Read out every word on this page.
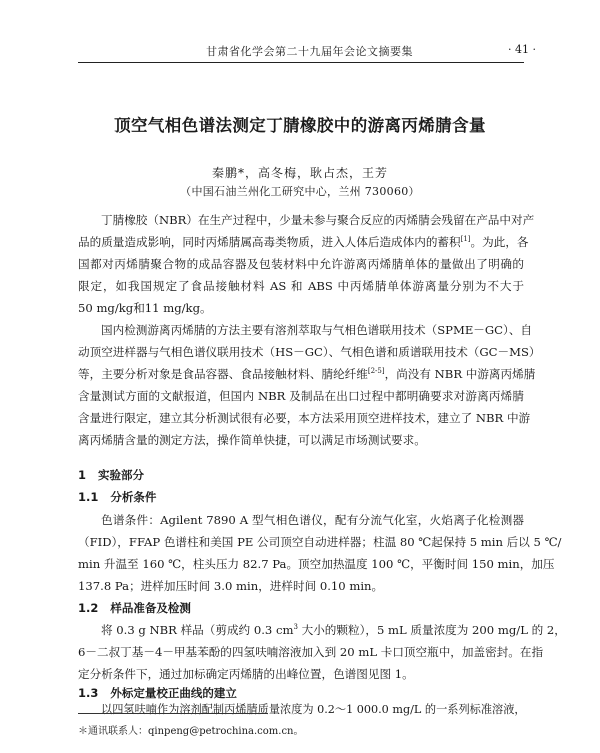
甘肃省化学会第二十九届年会论文摘要集	· 41 ·
顶空气相色谱法测定丁腈橡胶中的游离丙烯腈含量
秦鹏*，高冬梅，耿占杰，王芳
（中国石油兰州化工研究中心，兰州 730060）
丁腈橡胶（NBR）在生产过程中，少量未参与聚合反应的丙烯腈会残留在产品中对产
品的质量造成影响，同时丙烯腈属高毒类物质，进入人体后造成体内的蓄积[1]。为此，各
国都对丙烯腈聚合物的成品容器及包装材料中允许游离丙烯腈单体的量做出了明确的
限定，如我国规定了食品接触材料 AS 和 ABS 中丙烯腈单体游离量分别为不大于
50 mg/kg和11 mg/kg。
国内检测游离丙烯腈的方法主要有溶剂萃取与气相色谱联用技术（SPME－GC）、自
动顶空进样器与气相色谱仪联用技术（HS－GC）、气相色谱和质谱联用技术（GC－MS）
等，主要分析对象是食品容器、食品接触材料、腈纶纤维[2-5]，尚没有 NBR 中游离丙烯腈
含量测试方面的文献报道，但国内 NBR 及制品在出口过程中都明确要求对游离丙烯腈
含量进行限定，建立其分析测试很有必要，本方法采用顶空进样技术，建立了 NBR 中游
离丙烯腈含量的测定方法，操作简单快捷，可以满足市场测试要求。
1 实验部分
1.1 分析条件
色谱条件：Agilent 7890 A 型气相色谱仪，配有分流气化室，火焰离子化检测器
（FID），FFAP 色谱柱和美国 PE 公司顶空自动进样器；柱温 80 ℃起保持 5 min 后以 5 ℃/
min 升温至 160 ℃，柱头压力 82.7 Pa。顶空加热温度 100 ℃，平衡时间 150 min，加压
137.8 Pa；进样加压时间 3.0 min，进样时间 0.10 min。
1.2 样品准备及检测
将 0.3 g NBR 样品（剪成约 0.3 $cm^3$ 大小的颗粒），5 mL 质量浓度为 200 mg/L 的 2，
6－二叔丁基－4－甲基苯酚的四氢呋喃溶液加入到 20 mL 卡口顶空瓶中，加盖密封。在指
定分析条件下，通过加标确定丙烯腈的出峰位置，色谱图见图 1。
1.3 外标定量校正曲线的建立
以四氢呋喃作为溶剂配制丙烯腈质量浓度为 0.2～1 000.0 mg/L 的一系列标准溶液，
＊通讯联系人：qinpeng@petrochina.com.cn。
